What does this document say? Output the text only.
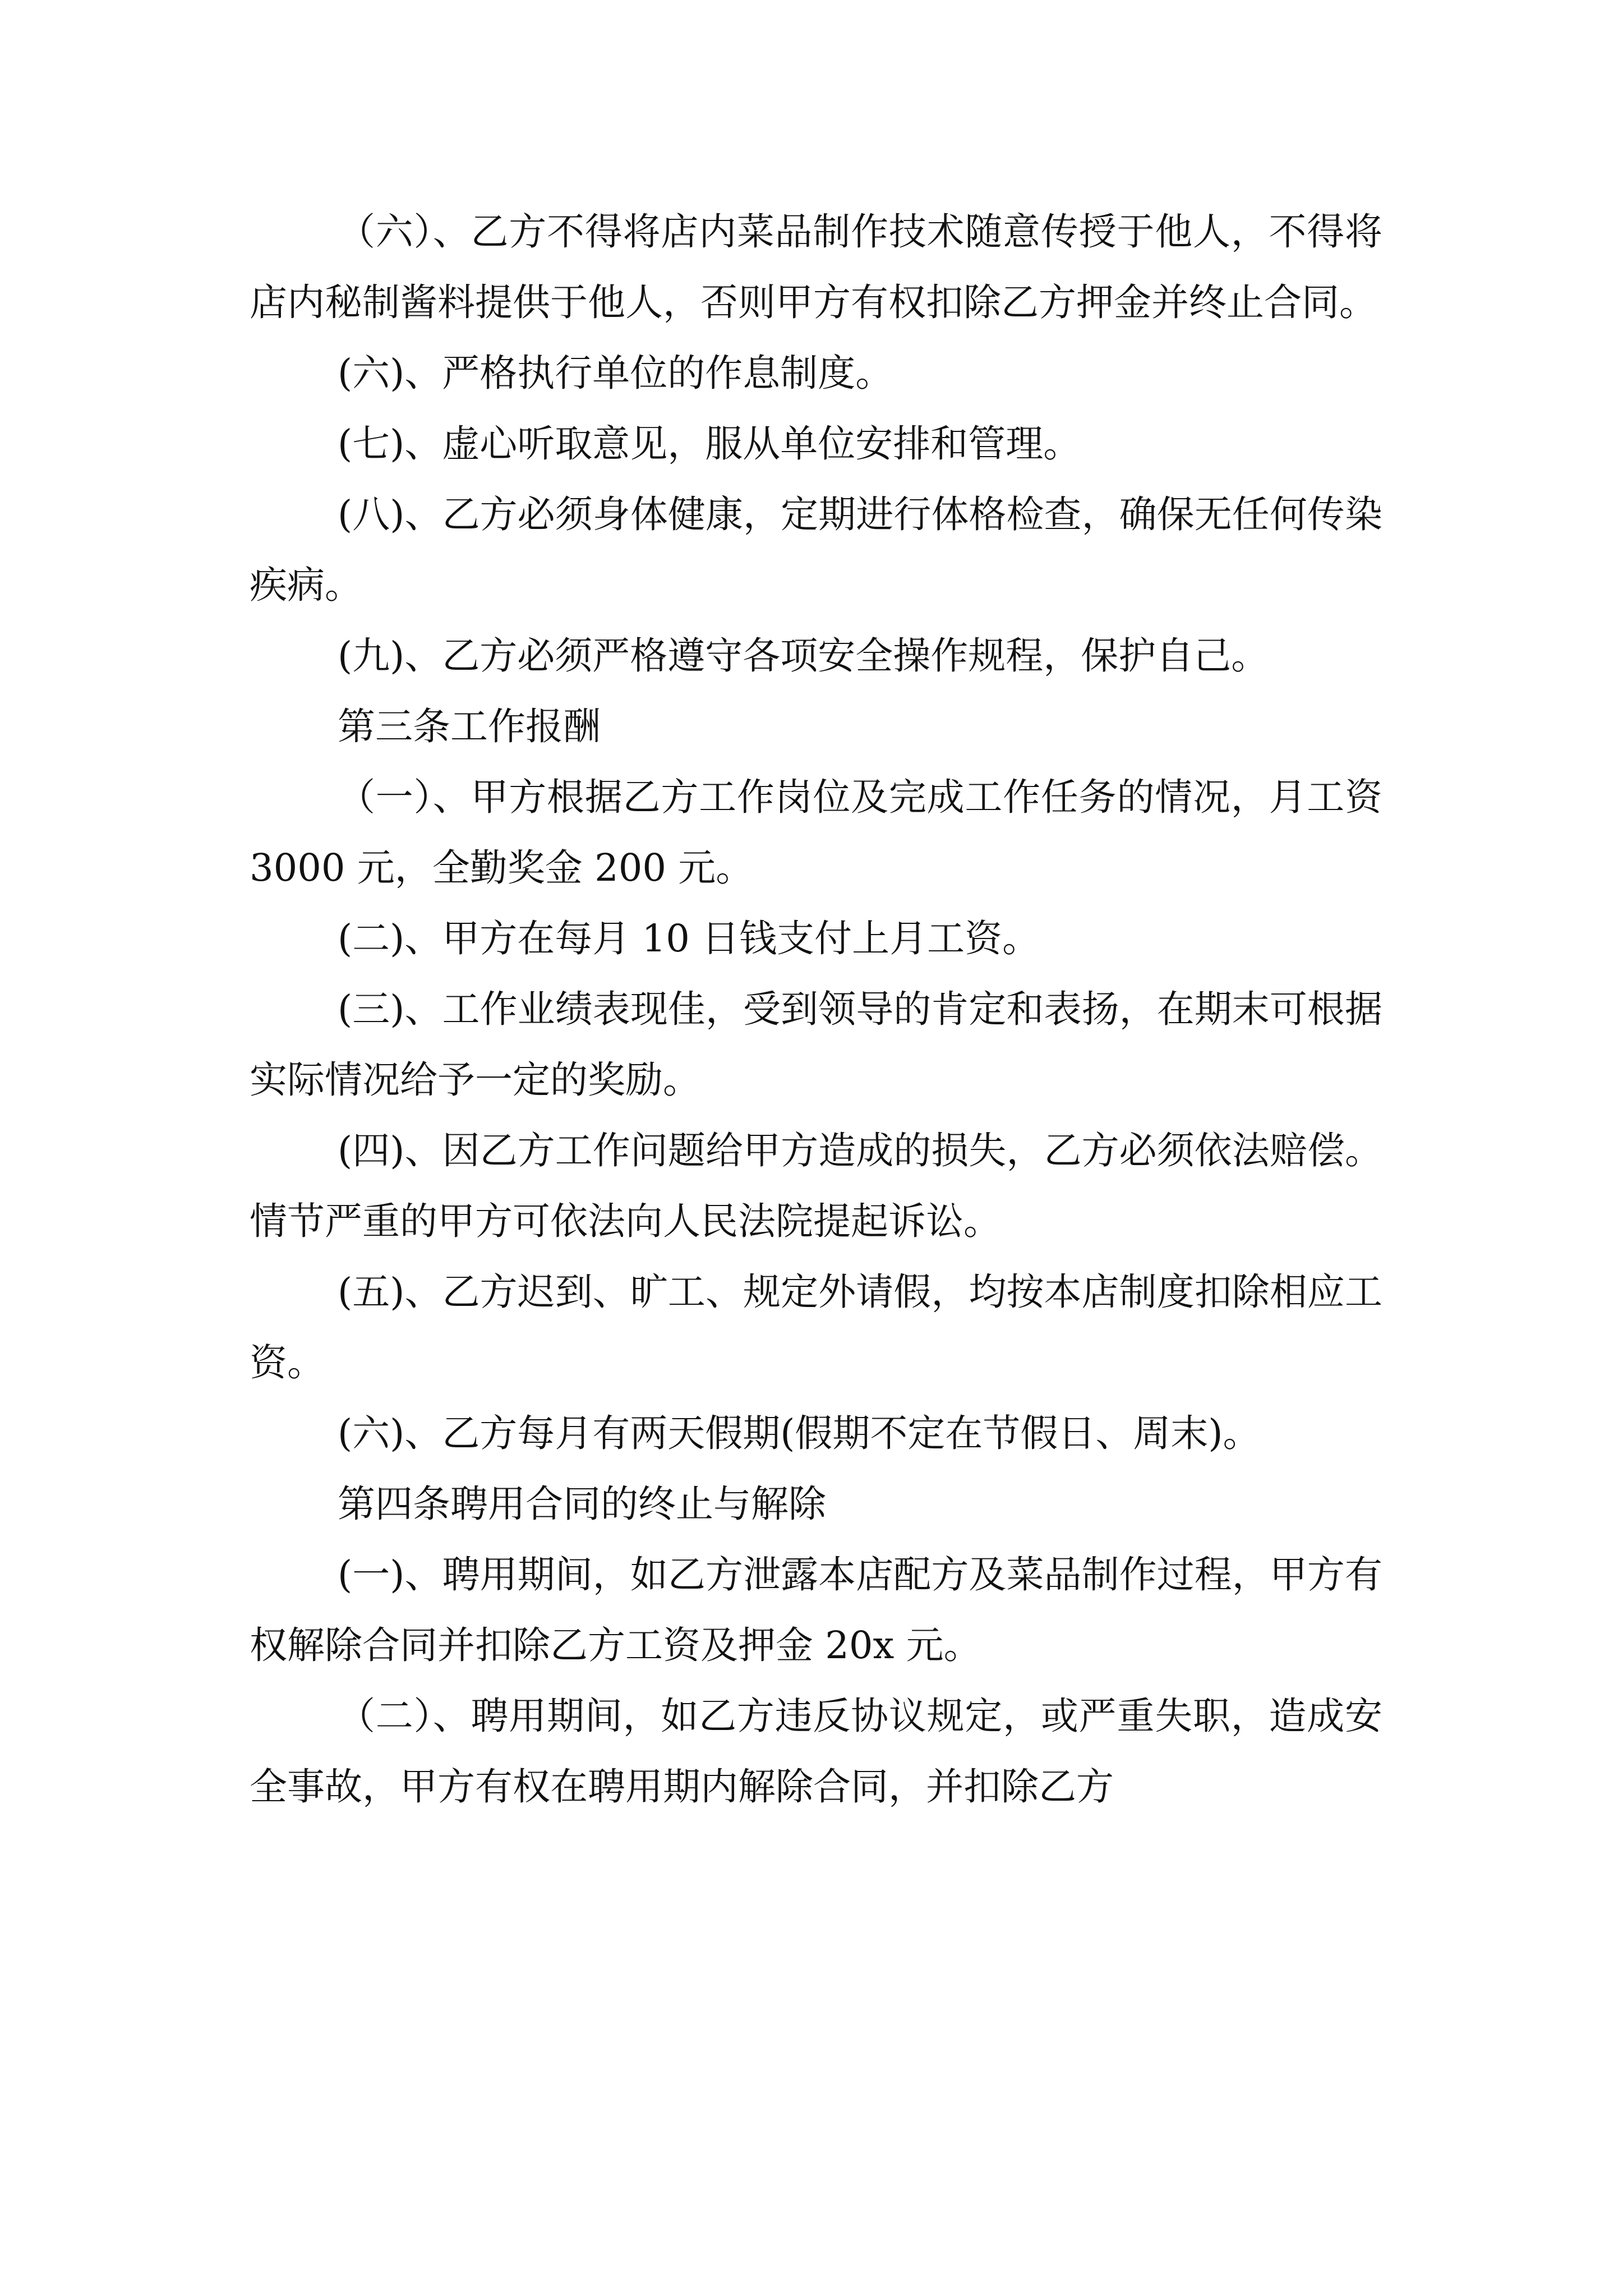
（六）、乙方不得将店内菜品制作技术随意传授于他人，不得将店内秘制酱料提供于他人，否则甲方有权扣除乙方押金并终止合同。

(六)、严格执行单位的作息制度。

(七)、虚心听取意见，服从单位安排和管理。

(八)、乙方必须身体健康，定期进行体格检查，确保无任何传染疾病。

(九)、乙方必须严格遵守各项安全操作规程，保护自己。

第三条工作报酬

（一）、甲方根据乙方工作岗位及完成工作任务的情况，月工资 3000 元，全勤奖金 200 元。

(二)、甲方在每月 10 日钱支付上月工资。

(三)、工作业绩表现佳，受到领导的肯定和表扬，在期末可根据实际情况给予一定的奖励。

(四)、因乙方工作问题给甲方造成的损失，乙方必须依法赔偿。情节严重的甲方可依法向人民法院提起诉讼。

(五)、乙方迟到、旷工、规定外请假，均按本店制度扣除相应工资。

(六)、乙方每月有两天假期(假期不定在节假日、周末)。

第四条聘用合同的终止与解除

(一)、聘用期间，如乙方泄露本店配方及菜品制作过程，甲方有权解除合同并扣除乙方工资及押金 20x 元。

（二）、聘用期间，如乙方违反协议规定，或严重失职，造成安全事故，甲方有权在聘用期内解除合同，并扣除乙方
